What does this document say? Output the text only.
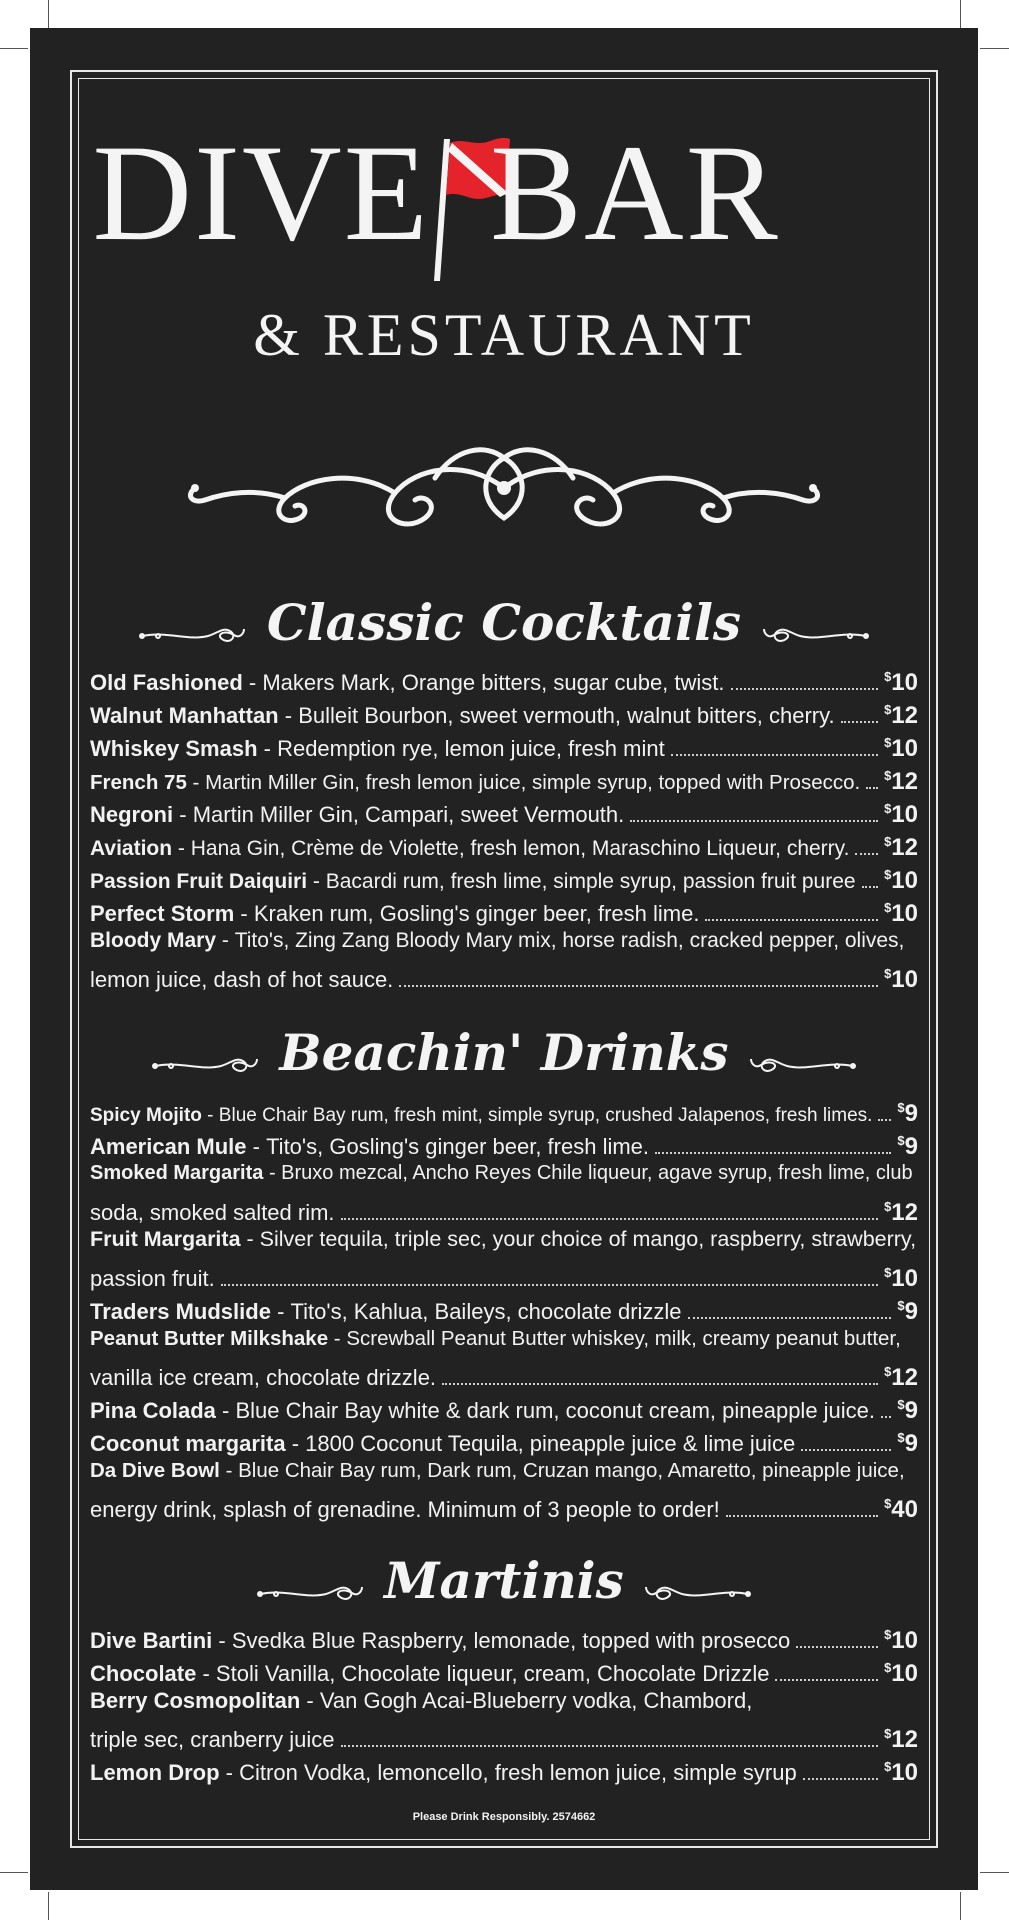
DIVE BAR
& RESTAURANT
Classic Cocktails
Old Fashioned - Makers Mark, Orange bitters, sugar cube, twist.	$10
Walnut Manhattan - Bulleit Bourbon, sweet vermouth, walnut bitters, cherry.	$12
Whiskey Smash - Redemption rye, lemon juice, fresh mint	$10
French 75 - Martin Miller Gin, fresh lemon juice, simple syrup, topped with Prosecco. $12
Negroni - Martin Miller Gin, Campari, sweet Vermouth.	$10
Aviation - Hana Gin, Crème de Violette, fresh lemon, Maraschino Liqueur, cherry.	$12
Passion Fruit Daiquiri - Bacardi rum, fresh lime, simple syrup, passion fruit puree $10
Perfect Storm - Kraken rum, Gosling's ginger beer, fresh lime.	$10
Bloody Mary - Tito's, Zing Zang Bloody Mary mix, horse radish, cracked pepper, olives,
lemon juice, dash of hot sauce.	$10
Beachin' Drinks
Spicy Mojito - Blue Chair Bay rum, fresh mint, simple syrup, crushed Jalapenos, fresh limes. $9
American Mule - Tito's, Gosling's ginger beer, fresh lime.	$9
Smoked Margarita - Bruxo mezcal, Ancho Reyes Chile liqueur, agave syrup, fresh lime, club
soda, smoked salted rim.	$12
Fruit Margarita - Silver tequila, triple sec, your choice of mango, raspberry, strawberry,
passion fruit.	$10
Traders Mudslide - Tito's, Kahlua, Baileys, chocolate drizzle	$9
Peanut Butter Milkshake - Screwball Peanut Butter whiskey, milk, creamy peanut butter,
vanilla ice cream, chocolate drizzle.	$12
Pina Colada - Blue Chair Bay white & dark rum, coconut cream, pineapple juice. $9
Coconut margarita - 1800 Coconut Tequila, pineapple juice & lime juice	$9
Da Dive Bowl - Blue Chair Bay rum, Dark rum, Cruzan mango, Amaretto, pineapple juice,
energy drink, splash of grenadine. Minimum of 3 people to order!	$40
Martinis
Dive Bartini - Svedka Blue Raspberry, lemonade, topped with prosecco	$10
Chocolate - Stoli Vanilla, Chocolate liqueur, cream, Chocolate Drizzle	$10
Berry Cosmopolitan - Van Gogh Acai-Blueberry vodka, Chambord,
triple sec, cranberry juice	$12
Lemon Drop - Citron Vodka, lemoncello, fresh lemon juice, simple syrup	$10
Please Drink Responsibly. 2574662
